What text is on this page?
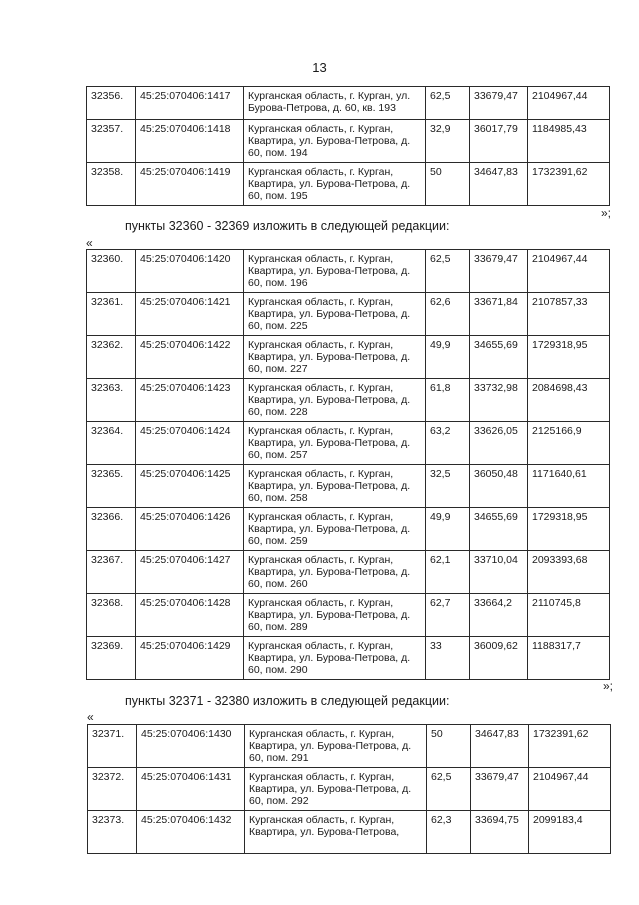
13
32356.	45:25:070406:1417	Курганская область, г. Курган, ул. Бурова-Петрова, д. 60, кв. 193	62,5	33679,47	2104967,44
32357.	45:25:070406:1418	Курганская область, г. Курган, Квартира, ул. Бурова-Петрова, д. 60, пом. 194	32,9	36017,79	1184985,43
32358.	45:25:070406:1419	Курганская область, г. Курган, Квартира, ул. Бурова-Петрова, д. 60, пом. 195	50	34647,83	1732391,62
»;
пункты 32360 - 32369 изложить в следующей редакции:
«
32360.	45:25:070406:1420	Курганская область, г. Курган, Квартира, ул. Бурова-Петрова, д. 60, пом. 196	62,5	33679,47	2104967,44
32361.	45:25:070406:1421	Курганская область, г. Курган, Квартира, ул. Бурова-Петрова, д. 60, пом. 225	62,6	33671,84	2107857,33
32362.	45:25:070406:1422	Курганская область, г. Курган, Квартира, ул. Бурова-Петрова, д. 60, пом. 227	49,9	34655,69	1729318,95
32363.	45:25:070406:1423	Курганская область, г. Курган, Квартира, ул. Бурова-Петрова, д. 60, пом. 228	61,8	33732,98	2084698,43
32364.	45:25:070406:1424	Курганская область, г. Курган, Квартира, ул. Бурова-Петрова, д. 60, пом. 257	63,2	33626,05	2125166,9
32365.	45:25:070406:1425	Курганская область, г. Курган, Квартира, ул. Бурова-Петрова, д. 60, пом. 258	32,5	36050,48	1171640,61
32366.	45:25:070406:1426	Курганская область, г. Курган, Квартира, ул. Бурова-Петрова, д. 60, пом. 259	49,9	34655,69	1729318,95
32367.	45:25:070406:1427	Курганская область, г. Курган, Квартира, ул. Бурова-Петрова, д. 60, пом. 260	62,1	33710,04	2093393,68
32368.	45:25:070406:1428	Курганская область, г. Курган, Квартира, ул. Бурова-Петрова, д. 60, пом. 289	62,7	33664,2	2110745,8
32369.	45:25:070406:1429	Курганская область, г. Курган, Квартира, ул. Бурова-Петрова, д. 60, пом. 290	33	36009,62	1188317,7
»;
пункты 32371 - 32380 изложить в следующей редакции:
«
32371.	45:25:070406:1430	Курганская область, г. Курган, Квартира, ул. Бурова-Петрова, д. 60, пом. 291	50	34647,83	1732391,62
32372.	45:25:070406:1431	Курганская область, г. Курган, Квартира, ул. Бурова-Петрова, д. 60, пом. 292	62,5	33679,47	2104967,44
32373.	45:25:070406:1432	Курганская область, г. Курган, Квартира, ул. Бурова-Петрова,	62,3	33694,75	2099183,4
